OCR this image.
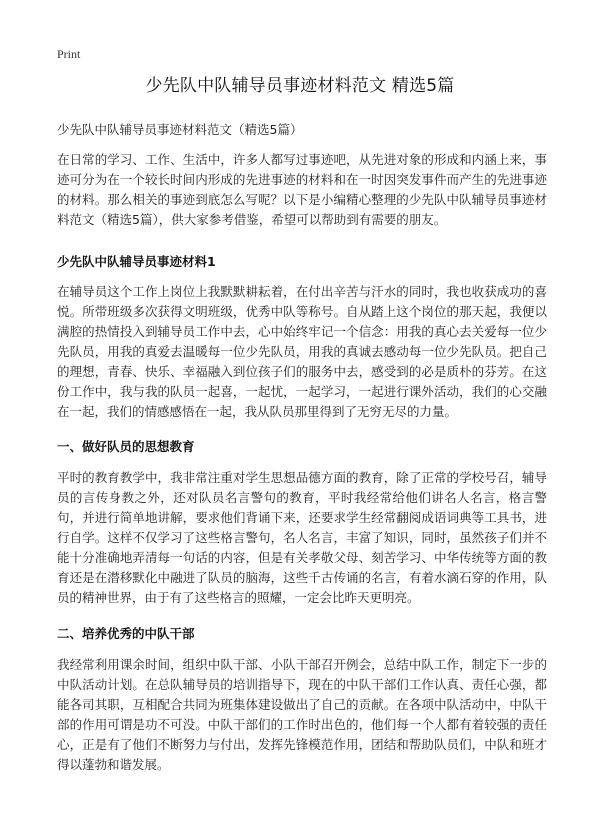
Print
少先队中队辅导员事迹材料范文 精选5篇
少先队中队辅导员事迹材料范文（精选5篇）

在日常的学习、工作、生活中，许多人都写过事迹吧，从先进对象的形成和内涵上来，事迹可分为在一个较长时间内形成的先进事迹的材料和在一时因突发事件而产生的先进事迹的材料。那么相关的事迹到底怎么写呢？以下是小编精心整理的少先队中队辅导员事迹材料范文（精选5篇），供大家参考借鉴，希望可以帮助到有需要的朋友。

少先队中队辅导员事迹材料1

在辅导员这个工作上岗位上我默默耕耘着，在付出辛苦与汗水的同时，我也收获成功的喜悦。所带班级多次获得文明班级，优秀中队等称号。自从踏上这个岗位的那天起，我便以满腔的热情投入到辅导员工作中去，心中始终牢记一个信念：用我的真心去关爱每一位少先队员，用我的真爱去温暖每一位少先队员，用我的真诚去感动每一位少先队员。把自己的理想，青春、快乐、幸福融入到位孩子们的服务中去，感受到的必是质朴的芬芳。在这份工作中，我与我的队员一起喜，一起忧，一起学习，一起进行课外活动，我们的心交融在一起，我们的情感感悟在一起，我从队员那里得到了无穷无尽的力量。

一、做好队员的思想教育

平时的教育教学中，我非常注重对学生思想品德方面的教育，除了正常的学校号召，辅导员的言传身教之外，还对队员名言警句的教育，平时我经常给他们讲名人名言，格言警句，并进行简单地讲解，要求他们背诵下来，还要求学生经常翻阅成语词典等工具书，进行自学。这样不仅学习了这些格言警句，名人名言，丰富了知识，同时，虽然孩子们并不能十分准确地弄清每一句话的内容，但是有关孝敬父母、刻苦学习、中华传统等方面的教育还是在潜移默化中融进了队员的脑海，这些千古传诵的名言，有着水滴石穿的作用，队员的精神世界，由于有了这些格言的照耀，一定会比昨天更明亮。

二、培养优秀的中队干部

我经常利用课余时间，组织中队干部、小队干部召开例会，总结中队工作，制定下一步的中队活动计划。在总队辅导员的培训指导下，现在的中队干部们工作认真、责任心强，都能各司其职，互相配合共同为班集体建设做出了自己的贡献。在各项中队活动中，中队干部的作用可谓是功不可没。中队干部们的工作时出色的，他们每一个人都有着较强的责任心，正是有了他们不断努力与付出，发挥先锋模范作用，团结和帮助队员们，中队和班才得以蓬勃和谐发展。
